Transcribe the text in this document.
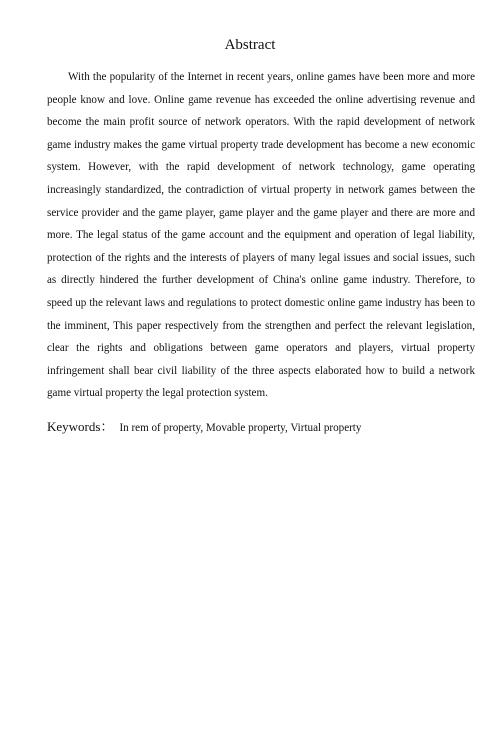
Abstract

With the popularity of the Internet in recent years, online games have been more and more people know and love. Online game revenue has exceeded the online advertising revenue and become the main profit source of network operators. With the rapid development of network game industry makes the game virtual property trade development has become a new economic system. However, with the rapid development of network technology, game operating increasingly standardized, the contradiction of virtual property in network games between the service provider and the game player, game player and the game player and there are more and more. The legal status of the game account and the equipment and operation of legal liability, protection of the rights and the interests of players of many legal issues and social issues, such as directly hindered the further development of China's online game industry. Therefore, to speed up the relevant laws and regulations to protect domestic online game industry has been to the imminent, This paper respectively from the strengthen and perfect the relevant legislation, clear the rights and obligations between game operators and players, virtual property infringement shall bear civil liability of the three aspects elaborated how to build a network game virtual property the legal protection system.

Keywords： In rem of property, Movable property, Virtual property
